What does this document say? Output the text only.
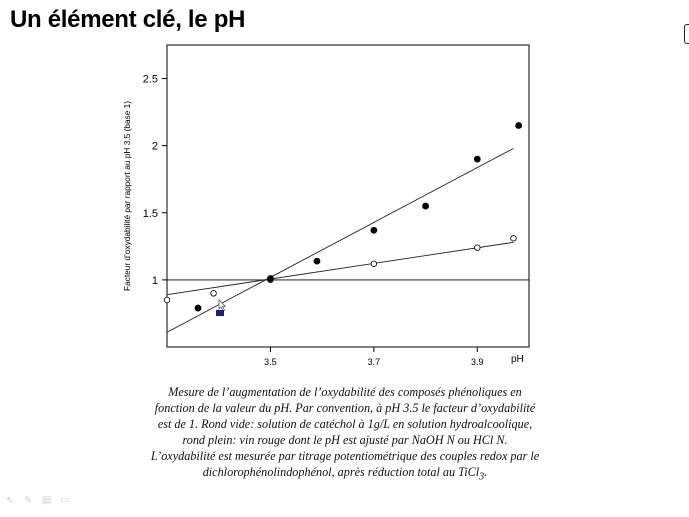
Un élément clé, le pH
1
1.5
2
2.5
3.5	3.7	3.9	pH
Facteur d’oxydabilité par rapport au pH 3.5 (base 1)
Mesure de l’augmentation de l’oxydabilité des composés phénoliques en fonction de la valeur du pH. Par convention, à pH 3.5 le facteur d’oxydabilité est de 1. Rond vide: solution de catéchol à 1g/L en solution hydroalcoolique, rond plein: vin rouge dont le pH est ajusté par NaOH N ou HCl N. L’oxydabilité est mesurée par titrage potentiométrique des couples redox par le dichlorophénolindophénol, après réduction total au TiCl$_3$.
↖ ✎ ▤ ▭
